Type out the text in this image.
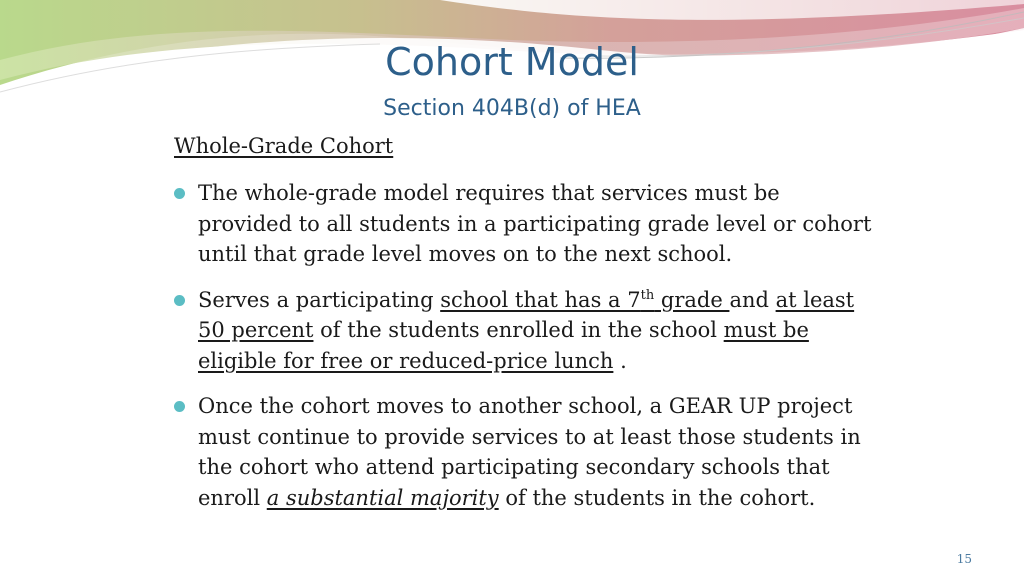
Cohort Model
Section 404B(d) of HEA
Whole-Grade Cohort
The whole-grade model requires that services must be provided to all students in a participating grade level or cohort until that grade level moves on to the next school.
Serves a participating school that has a 7th grade and at least 50 percent of the students enrolled in the school must be eligible for free or reduced-price lunch .
Once the cohort moves to another school, a GEAR UP project must continue to provide services to at least those students in the cohort who attend participating secondary schools that enroll a substantial majority of the students in the cohort.
15
